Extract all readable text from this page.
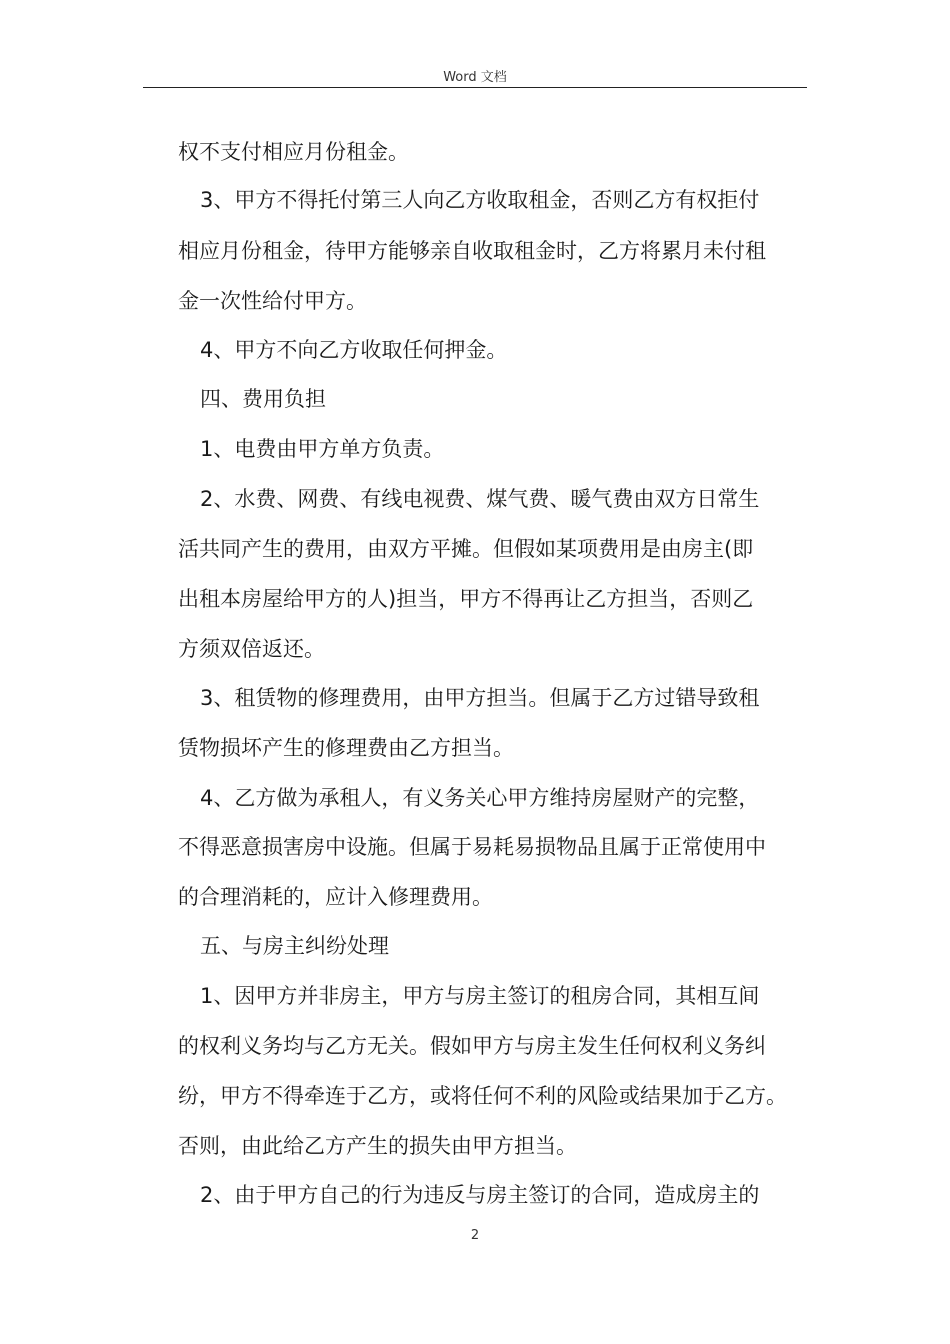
Word 文档
权不支付相应月份租金。
3、甲方不得托付第三人向乙方收取租金，否则乙方有权拒付
相应月份租金，待甲方能够亲自收取租金时，乙方将累月未付租
金一次性给付甲方。
4、甲方不向乙方收取任何押金。
四、费用负担
1、电费由甲方单方负责。
2、水费、网费、有线电视费、煤气费、暖气费由双方日常生
活共同产生的费用，由双方平摊。但假如某项费用是由房主(即
出租本房屋给甲方的人)担当，甲方不得再让乙方担当，否则乙
方须双倍返还。
3、租赁物的修理费用，由甲方担当。但属于乙方过错导致租
赁物损坏产生的修理费由乙方担当。
4、乙方做为承租人，有义务关心甲方维持房屋财产的完整，
不得恶意损害房中设施。但属于易耗易损物品且属于正常使用中
的合理消耗的，应计入修理费用。
五、与房主纠纷处理
1、因甲方并非房主，甲方与房主签订的租房合同，其相互间
的权利义务均与乙方无关。假如甲方与房主发生任何权利义务纠
纷，甲方不得牵连于乙方，或将任何不利的风险或结果加于乙方。
否则，由此给乙方产生的损失由甲方担当。
2、由于甲方自己的行为违反与房主签订的合同，造成房主的
2
